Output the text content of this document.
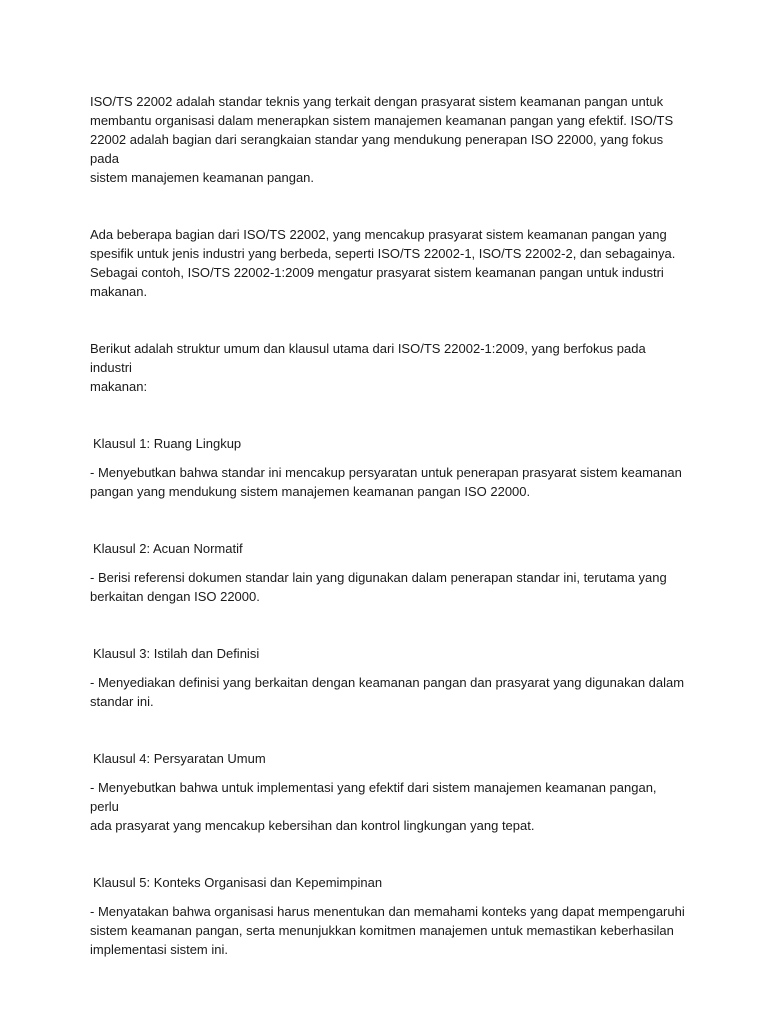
ISO/TS 22002 adalah standar teknis yang terkait dengan prasyarat sistem keamanan pangan untuk
membantu organisasi dalam menerapkan sistem manajemen keamanan pangan yang efektif. ISO/TS
22002 adalah bagian dari serangkaian standar yang mendukung penerapan ISO 22000, yang fokus pada
sistem manajemen keamanan pangan.

Ada beberapa bagian dari ISO/TS 22002, yang mencakup prasyarat sistem keamanan pangan yang
spesifik untuk jenis industri yang berbeda, seperti ISO/TS 22002-1, ISO/TS 22002-2, dan sebagainya.
Sebagai contoh, ISO/TS 22002-1:2009 mengatur prasyarat sistem keamanan pangan untuk industri
makanan.

Berikut adalah struktur umum dan klausul utama dari ISO/TS 22002-1:2009, yang berfokus pada industri
makanan:

Klausul 1: Ruang Lingkup

- Menyebutkan bahwa standar ini mencakup persyaratan untuk penerapan prasyarat sistem keamanan
pangan yang mendukung sistem manajemen keamanan pangan ISO 22000.

Klausul 2: Acuan Normatif

- Berisi referensi dokumen standar lain yang digunakan dalam penerapan standar ini, terutama yang
berkaitan dengan ISO 22000.

Klausul 3: Istilah dan Definisi

- Menyediakan definisi yang berkaitan dengan keamanan pangan dan prasyarat yang digunakan dalam
standar ini.

Klausul 4: Persyaratan Umum

- Menyebutkan bahwa untuk implementasi yang efektif dari sistem manajemen keamanan pangan, perlu
ada prasyarat yang mencakup kebersihan dan kontrol lingkungan yang tepat.

Klausul 5: Konteks Organisasi dan Kepemimpinan

- Menyatakan bahwa organisasi harus menentukan dan memahami konteks yang dapat mempengaruhi
sistem keamanan pangan, serta menunjukkan komitmen manajemen untuk memastikan keberhasilan
implementasi sistem ini.
